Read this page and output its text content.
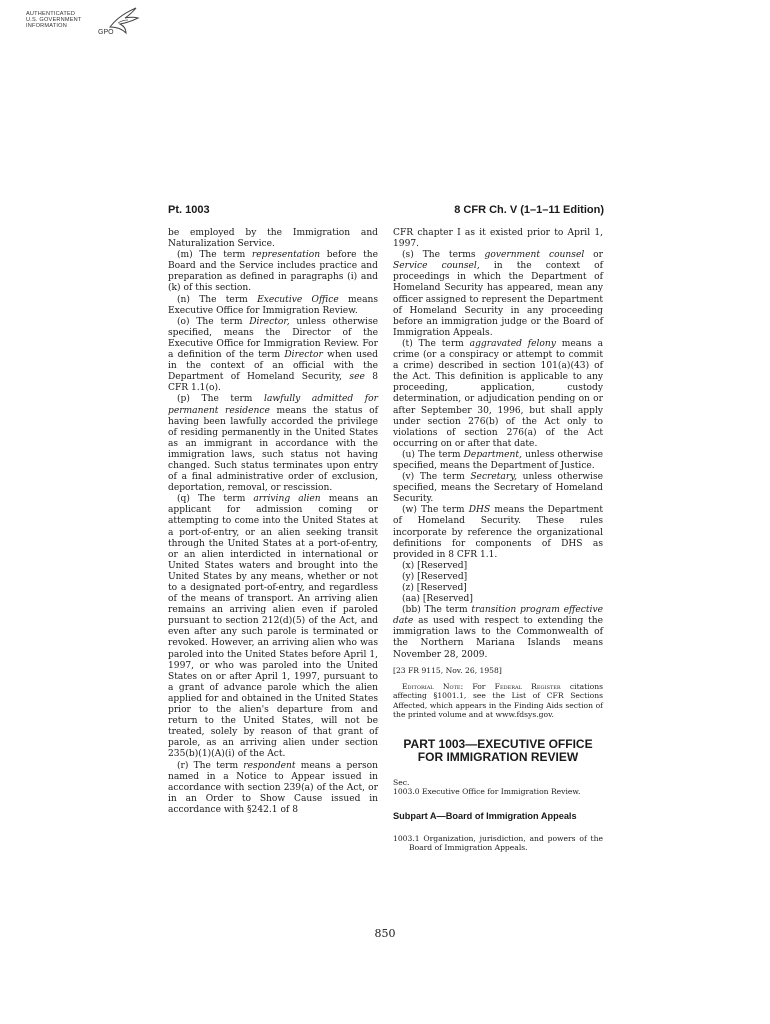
AUTHENTICATED
U.S. GOVERNMENT
INFORMATION
GPO
Pt. 1003	8 CFR Ch. V (1–1–11 Edition)

be employed by the Immigration and Naturalization Service.

(m) The term representation before the Board and the Service includes practice and preparation as defined in paragraphs (i) and (k) of this section.

(n) The term Executive Office means Executive Office for Immigration Review.

(o) The term Director, unless otherwise specified, means the Director of the Executive Office for Immigration Review. For a definition of the term Director when used in the context of an official with the Department of Homeland Security, see 8 CFR 1.1(o).

(p) The term lawfully admitted for permanent residence means the status of having been lawfully accorded the privilege of residing permanently in the United States as an immigrant in accordance with the immigration laws, such status not having changed. Such status terminates upon entry of a final administrative order of exclusion, deportation, removal, or rescission.

(q) The term arriving alien means an applicant for admission coming or attempting to come into the United States at a port-of-entry, or an alien seeking transit through the United States at a port-of-entry, or an alien interdicted in international or United States waters and brought into the United States by any means, whether or not to a designated port-of-entry, and regardless of the means of transport. An arriving alien remains an arriving alien even if paroled pursuant to section 212(d)(5) of the Act, and even after any such parole is terminated or revoked. However, an arriving alien who was paroled into the United States before April 1, 1997, or who was paroled into the United States on or after April 1, 1997, pursuant to a grant of advance parole which the alien applied for and obtained in the United States prior to the alien's departure from and return to the United States, will not be treated, solely by reason of that grant of parole, as an arriving alien under section 235(b)(1)(A)(i) of the Act.

(r) The term respondent means a person named in a Notice to Appear issued in accordance with section 239(a) of the Act, or in an Order to Show Cause issued in accordance with §242.1 of 8

CFR chapter I as it existed prior to April 1, 1997.

(s) The terms government counsel or Service counsel, in the context of proceedings in which the Department of Homeland Security has appeared, mean any officer assigned to represent the Department of Homeland Security in any proceeding before an immigration judge or the Board of Immigration Appeals.

(t) The term aggravated felony means a crime (or a conspiracy or attempt to commit a crime) described in section 101(a)(43) of the Act. This definition is applicable to any proceeding, application, custody determination, or adjudication pending on or after September 30, 1996, but shall apply under section 276(b) of the Act only to violations of section 276(a) of the Act occurring on or after that date.

(u) The term Department, unless otherwise specified, means the Department of Justice.

(v) The term Secretary, unless otherwise specified, means the Secretary of Homeland Security.

(w) The term DHS means the Department of Homeland Security. These rules incorporate by reference the organizational definitions for components of DHS as provided in 8 CFR 1.1.

(x) [Reserved]

(y) [Reserved]

(z) [Reserved]

(aa) [Reserved]

(bb) The term transition program effective date as used with respect to extending the immigration laws to the Commonwealth of the Northern Mariana Islands means November 28, 2009.

[23 FR 9115, Nov. 26, 1958]

Editorial Note: For Federal Register citations affecting §1001.1, see the List of CFR Sections Affected, which appears in the Finding Aids section of the printed volume and at www.fdsys.gov.

PART 1003—EXECUTIVE OFFICE FOR IMMIGRATION REVIEW

Sec.

1003.0 Executive Office for Immigration Review.

Subpart A—Board of Immigration Appeals

1003.1 Organization, jurisdiction, and powers of the Board of Immigration Appeals.

850
